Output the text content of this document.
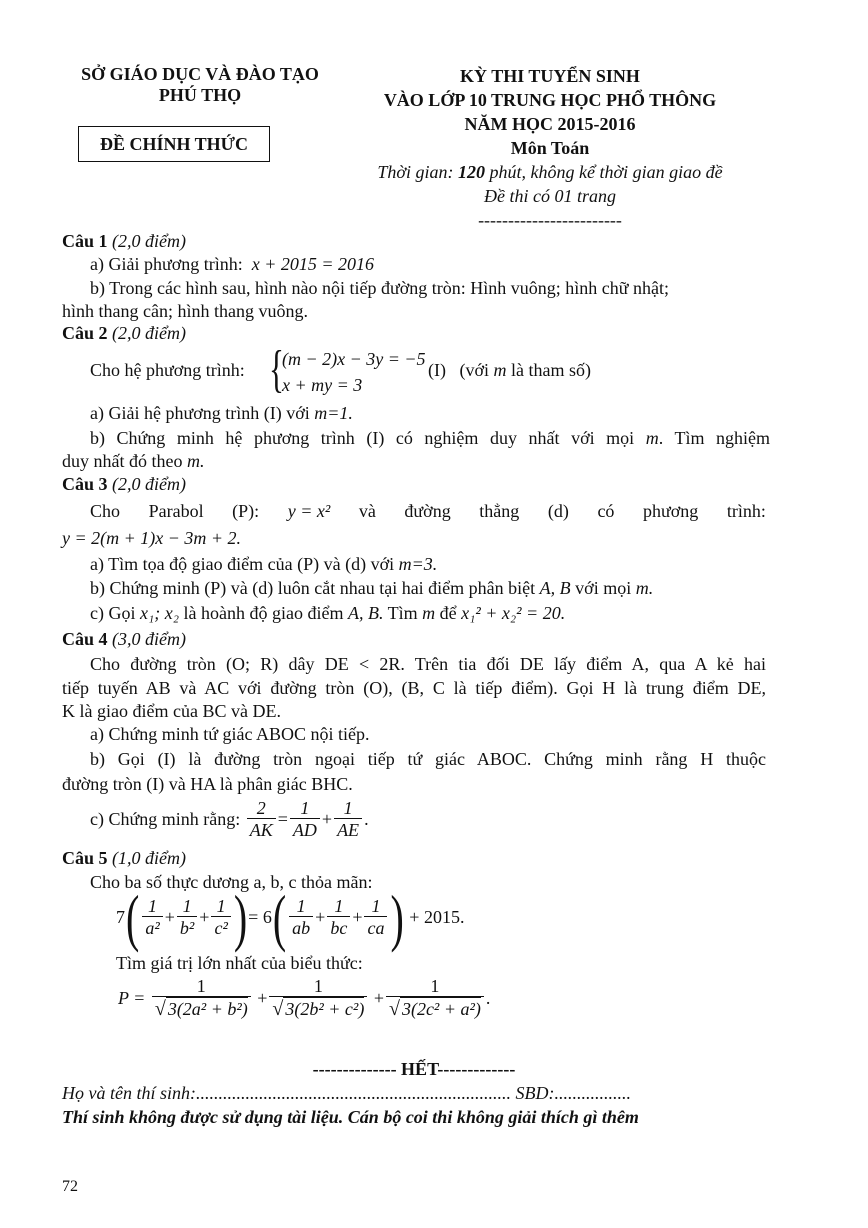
SỞ GIÁO DỤC VÀ ĐÀO TẠO
PHÚ THỌ
ĐỀ CHÍNH THỨC
KỲ THI TUYỂN SINH
VÀO LỚP 10 TRUNG HỌC PHỔ THÔNG
NĂM HỌC 2015-2016
Môn Toán
Thời gian: 120 phút, không kể thời gian giao đề
Đề thi có 01 trang
------------------------
Câu 1 (2,0 điểm)
a) Giải phương trình: x + 2015 = 2016
b) Trong các hình sau, hình nào nội tiếp đường tròn: Hình vuông; hình chữ nhật;
hình thang cân; hình thang vuông.
Câu 2 (2,0 điểm)
Cho hệ phương trình: {
(m − 2)x − 3y = −5
x + my = 3
(I) (với m là tham số)
a) Giải hệ phương trình (I) với m=1.
b) Chứng minh hệ phương trình (I) có nghiệm duy nhất với mọi m. Tìm nghiệm
duy nhất đó theo m.
Câu 3 (2,0 điểm)
Cho Parabol (P): y = x² và đường thẳng (d) có phương trình:
y = 2(m + 1)x − 3m + 2.
a) Tìm tọa độ giao điểm của (P) và (d) với m=3.
b) Chứng minh (P) và (d) luôn cắt nhau tại hai điểm phân biệt A, B với mọi m.
c) Gọi x₁; x₂ là hoành độ giao điểm A, B. Tìm m để x₁² + x₂² = 20.
Câu 4 (3,0 điểm)
Cho đường tròn (O; R) dây DE < 2R. Trên tia đối DE lấy điểm A, qua A kẻ hai
tiếp tuyến AB và AC với đường tròn (O), (B, C là tiếp điểm). Gọi H là trung điểm DE,
K là giao điểm của BC và DE.
a) Chứng minh tứ giác ABOC nội tiếp.
b) Gọi (I) là đường tròn ngoại tiếp tứ giác ABOC. Chứng minh rằng H thuộc
đường tròn (I) và HA là phân giác BHC.
c) Chứng minh rằng:
$\frac{2}{AK} = \frac{1}{AD} + \frac{1}{AE}$ .
Câu 5 (1,0 điểm)
Cho ba số thực dương a, b, c thỏa mãn:
7 ( $\frac{1}{\text{a²}} + \frac{1}{\text{b²}} + \frac{1}{\text{c²}}$ ) = 6 ( $\frac{1}{ab} + \frac{1}{bc} + \frac{1}{ca}$ )
+ 2015.
Tìm giá trị lớn nhất của biểu thức:
P =
$\frac{1}{\text{√ 3(2a² + b²)}} + \frac{1}{\text{√ 3(2b² + c²)}} + \frac{1}{\text{√ 3(2c² + a²)}}$ .
-------------- HẾT-------------
Họ và tên thí sinh:...................................................................... SBD:.................
Thí sinh không được sử dụng tài liệu. Cán bộ coi thi không giải thích gì thêm
72
